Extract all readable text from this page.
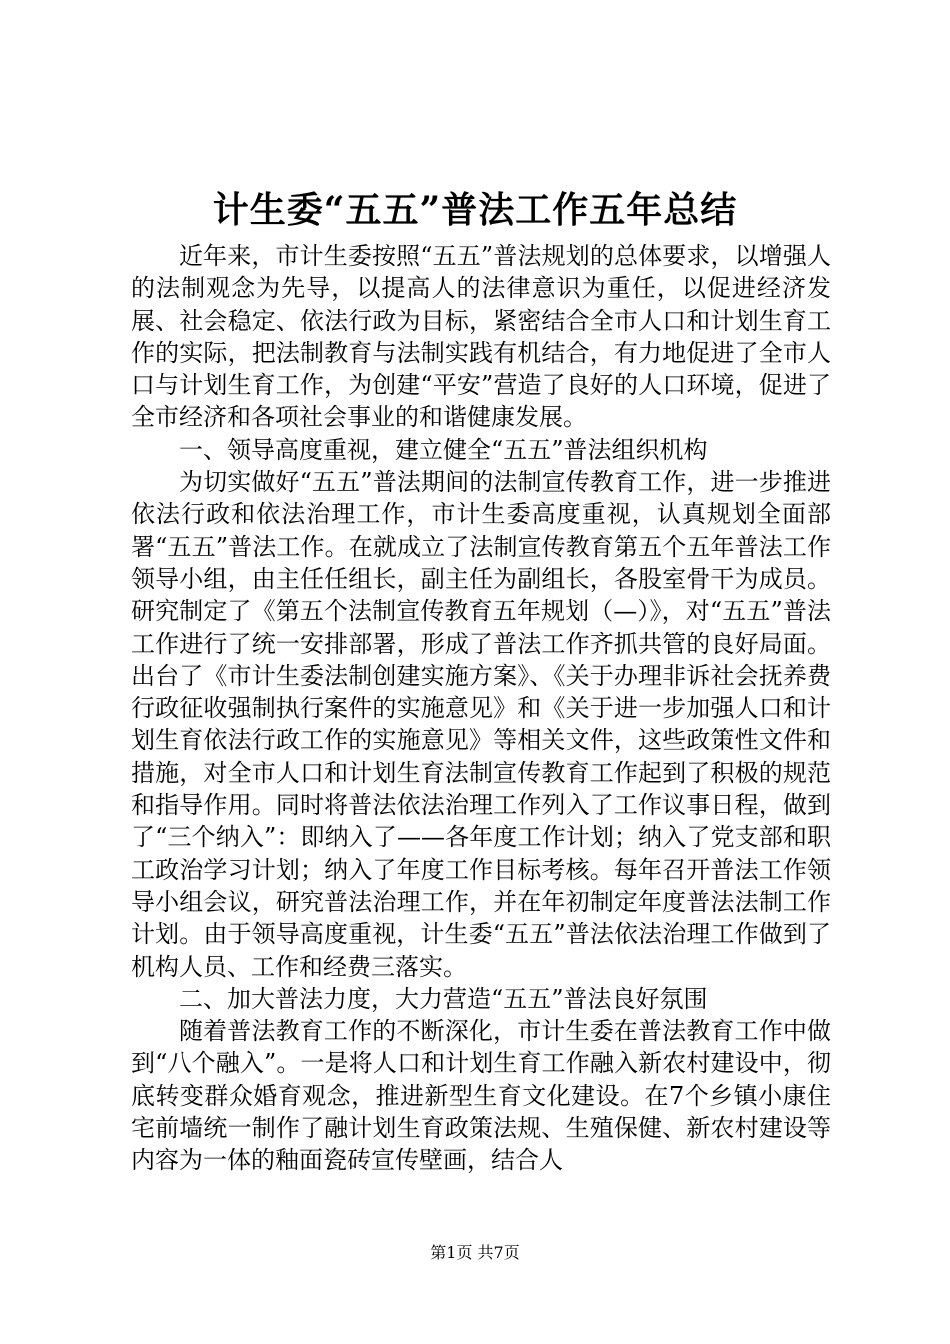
计生委“五五”普法工作五年总结

近年来，市计生委按照“五五”普法规划的总体要求，以增强人的法制观念为先导，以提高人的法律意识为重任，以促进经济发展、社会稳定、依法行政为目标，紧密结合全市人口和计划生育工作的实际，把法制教育与法制实践有机结合，有力地促进了全市人口与计划生育工作，为创建“平安”营造了良好的人口环境，促进了全市经济和各项社会事业的和谐健康发展。

一、领导高度重视，建立健全“五五”普法组织机构

为切实做好“五五”普法期间的法制宣传教育工作，进一步推进依法行政和依法治理工作，市计生委高度重视，认真规划全面部署“五五”普法工作。在就成立了法制宣传教育第五个五年普法工作领导小组，由主任任组长，副主任为副组长，各股室骨干为成员。研究制定了《第五个法制宣传教育五年规划（—）》，对“五五”普法工作进行了统一安排部署，形成了普法工作齐抓共管的良好局面。出台了《市计生委法制创建实施方案》、《关于办理非诉社会抚养费行政征收强制执行案件的实施意见》和《关于进一步加强人口和计划生育依法行政工作的实施意见》等相关文件，这些政策性文件和措施，对全市人口和计划生育法制宣传教育工作起到了积极的规范和指导作用。同时将普法依法治理工作列入了工作议事日程，做到了“三个纳入”：即纳入了——各年度工作计划；纳入了党支部和职工政治学习计划；纳入了年度工作目标考核。每年召开普法工作领导小组会议，研究普法治理工作，并在年初制定年度普法法制工作计划。由于领导高度重视，计生委“五五”普法依法治理工作做到了机构人员、工作和经费三落实。

二、加大普法力度，大力营造“五五”普法良好氛围

随着普法教育工作的不断深化，市计生委在普法教育工作中做到“八个融入”。一是将人口和计划生育工作融入新农村建设中，彻底转变群众婚育观念，推进新型生育文化建设。在7个乡镇小康住宅前墙统一制作了融计划生育政策法规、生殖保健、新农村建设等内容为一体的釉面瓷砖宣传壁画，结合人

第1页 共7页
